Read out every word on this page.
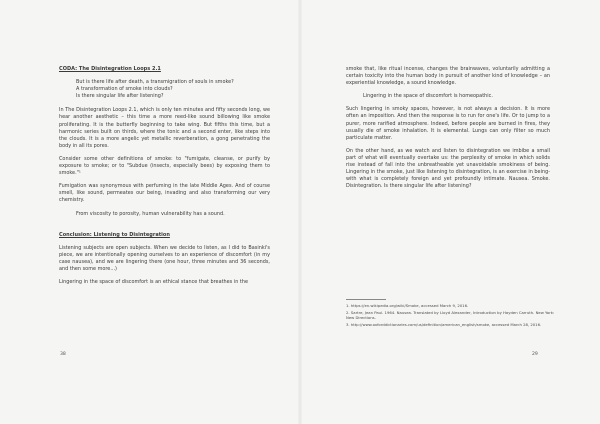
CODA: The Disintegration Loops 2.1
But is there life after death, a transmigration of souls in smoke?
A transformation of smoke into clouds?
Is there singular life after listening?
In The Disintegration Loops 2.1, which is only ten minutes and fifty seconds long, we hear another aesthetic – this time a more reed-like sound billowing like smoke proliferating. It is the butterfly beginning to take wing. But fifths this time, but a harmonic series built on thirds, where the tonic and a second enter, like steps into the clouds. It is a more angelic yet metallic reverberation, a gong penetrating the body in all its pores.
Consider some other definitions of smoke: to "fumigate, cleanse, or purify by exposure to smoke; or to "Subdue (insects, especially bees) by exposing them to smoke."¹
Fumigation was synonymous with perfuming in the late Middle Ages. And of course smell, like sound, permeates our being, invading and also transforming our very chemistry.
From viscosity to porosity, human vulnerability has a sound.
Conclusion: Listening to Disintegration
Listening subjects are open subjects. When we decide to listen, as I did to Basinki's piece, we are intentionally opening ourselves to an experience of discomfort (in my case nausea), and we are lingering there (one hour, three minutes and 36 seconds, and then some more...)
Lingering in the space of discomfort is an ethical stance that breathes in the
38
smoke that, like ritual incense, changes the brainwaves, voluntarily admitting a certain toxicity into the human body in pursuit of another kind of knowledge – an experiential knowledge, a sound knowledge.
Lingering in the space of discomfort is homeopathic.
Such lingering in smoky spaces, however, is not always a decision. It is more often an imposition. And then the response is to run for one's life. Or to jump to a purer, more rarified atmosphere. Indeed, before people are burned in fires, they usually die of smoke inhalation. It is elemental. Lungs can only filter so much particulate matter.
On the other hand, as we watch and listen to disintegration we imbibe a small part of what will eventually overtake us: the perplexity of smoke in which solids rise instead of fall into the unbreatheable yet unavoidable smokiness of being. Lingering in the smoke, just like listening to disintegration, is an exercise in being-with what is completely foreign and yet profoundly intimate. Nausea. Smoke. Disintegration. Is there singular life after listening?
1. https://en.wikipedia.org/wiki/Smoke, accessed March 9, 2016.
2. Sartre, Jean Paul. 1964. Nausea. Translated by Lloyd Alexander, Introduction by Hayden Carruth. New York: New Directions.
3. http://www.oxforddictionaries.com/us/definition/american_english/smoke, accessed March 28, 2016.
29
